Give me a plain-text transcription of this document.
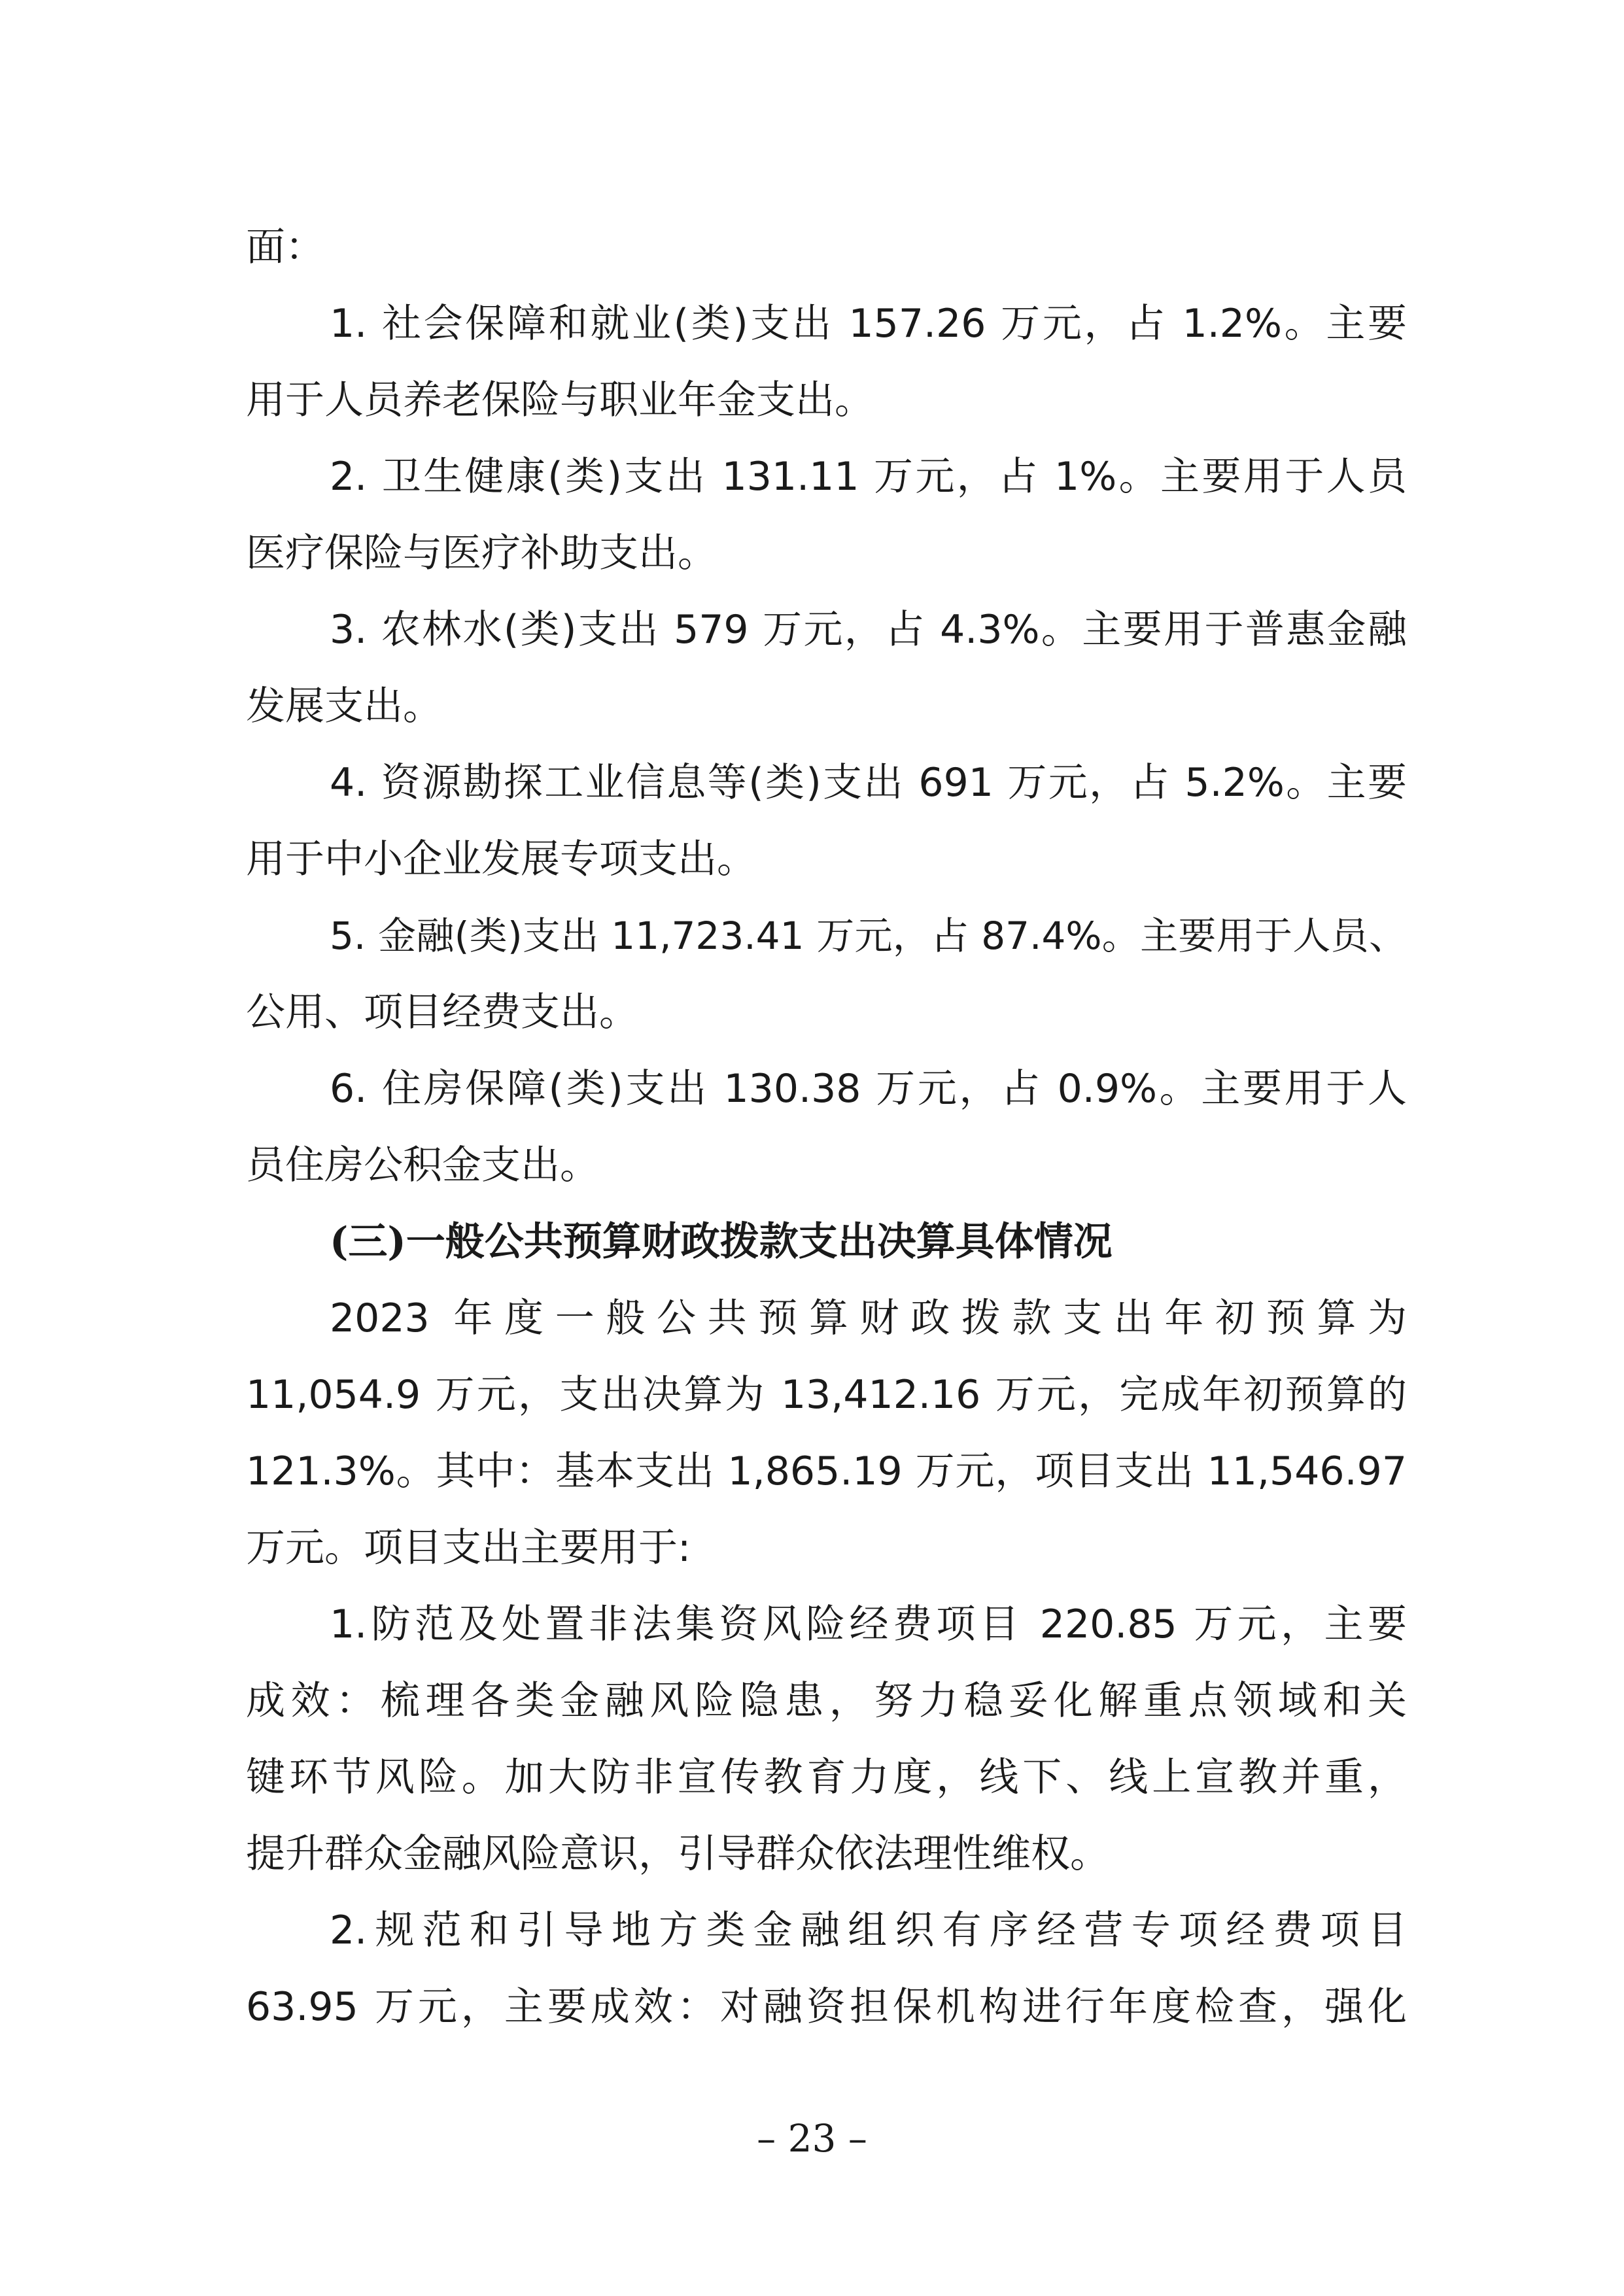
面：
1. 社会保障和就业(类)支出 157.26 万元，占 1.2%。主要
用于人员养老保险与职业年金支出。
2. 卫生健康(类)支出 131.11 万元，占 1%。主要用于人员
医疗保险与医疗补助支出。
3. 农林水(类)支出 579 万元，占 4.3%。主要用于普惠金融
发展支出。
4. 资源勘探工业信息等(类)支出 691 万元，占 5.2%。主要
用于中小企业发展专项支出。
5. 金融(类)支出 11,723.41 万元，占 87.4%。主要用于人员、
公用、项目经费支出。
6. 住房保障(类)支出 130.38 万元，占 0.9%。主要用于人
员住房公积金支出。
(三)一般公共预算财政拨款支出决算具体情况
2023 年度一般公共预算财政拨款支出年初预算为
11,054.9 万元，支出决算为 13,412.16 万元，完成年初预算的
121.3%。其中：基本支出 1,865.19 万元，项目支出 11,546.97
万元。项目支出主要用于:
1.防范及处置非法集资风险经费项目 220.85 万元，主要
成效：梳理各类金融风险隐患，努力稳妥化解重点领域和关
键环节风险。加大防非宣传教育力度，线下、线上宣教并重，
提升群众金融风险意识，引导群众依法理性维权。
2.规范和引导地方类金融组织有序经营专项经费项目
63.95 万元，主要成效：对融资担保机构进行年度检查，强化
– 23 –
